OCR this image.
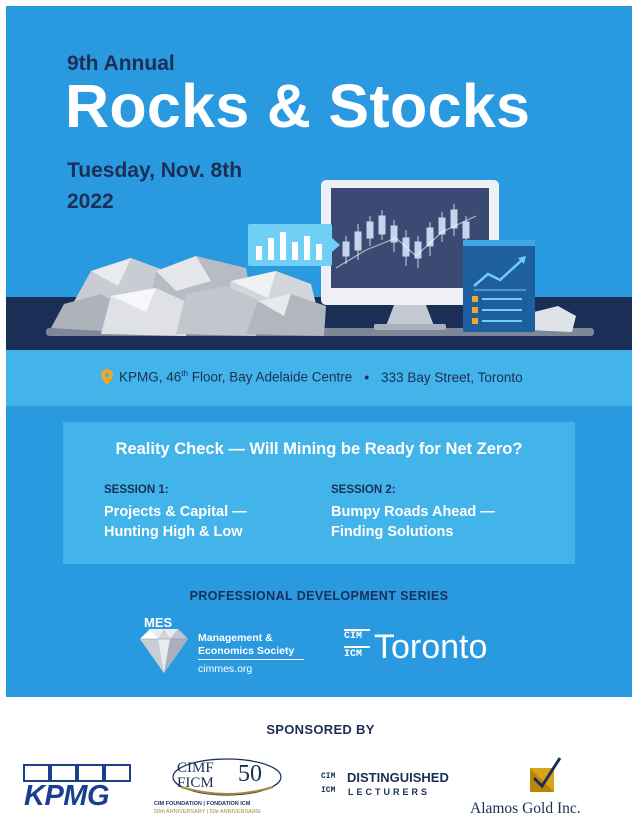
9th Annual
Rocks & Stocks
Tuesday, Nov. 8th
2022
KPMG, 46th Floor, Bay Adelaide Centre • 333 Bay Street, Toronto
Reality Check — Will Mining be Ready for Net Zero?
SESSION 1:
Projects & Capital —
Hunting High & Low
SESSION 2:
Bumpy Roads Ahead —
Finding Solutions
PROFESSIONAL DEVELOPMENT SERIES
MES
Management &
Economics Society
cimmes.org
CIM
ICM Toronto
SPONSORED BY
KPMG
CIMF
FICM 50
CIM FOUNDATION | FONDATION ICM
50th ANNIVERSARY | 50e ANNIVERSAIRE
CIM
ICM
DISTINGUISHED
LECTURERS
Alamos Gold Inc.
